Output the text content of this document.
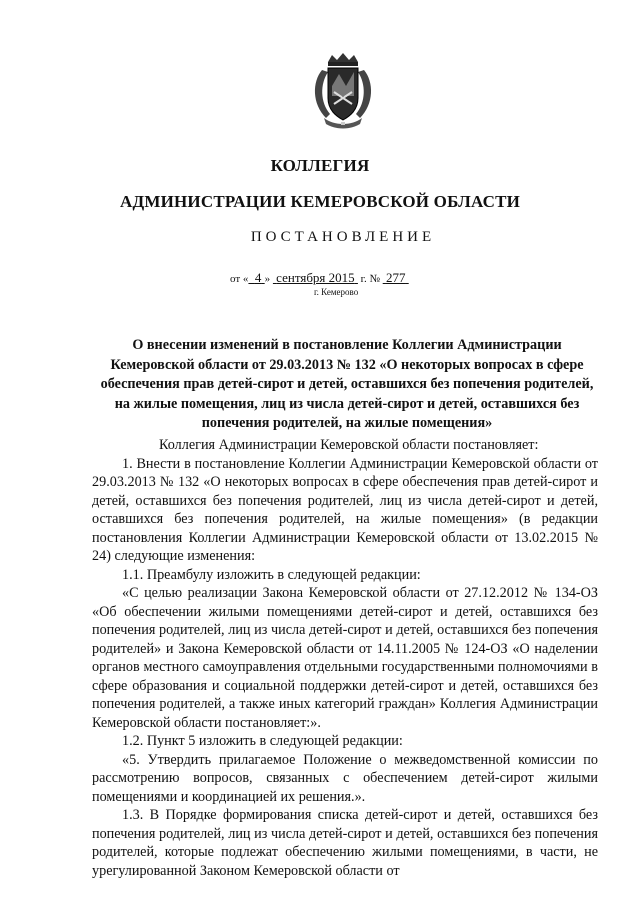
КОЛЛЕГИЯ
АДМИНИСТРАЦИИ КЕМЕРОВСКОЙ ОБЛАСТИ
ПОСТАНОВЛЕНИЕ
от « 4 » сентября 2015 г. № 277
г. Кемерово
О внесении изменений в постановление Коллегии Администрации Кемеровской области от 29.03.2013 № 132 «О некоторых вопросах в сфере обеспечения прав детей-сирот и детей, оставшихся без попечения родителей, на жилые помещения, лиц из числа детей-сирот и детей, оставшихся без попечения родителей, на жилые помещения»

Коллегия Администрации Кемеровской области постановляет:

1. Внести в постановление Коллегии Администрации Кемеровской области от 29.03.2013 № 132 «О некоторых вопросах в сфере обеспечения прав детей-сирот и детей, оставшихся без попечения родителей, лиц из числа детей-сирот и детей, оставшихся без попечения родителей, на жилые помещения» (в редакции постановления Коллегии Администрации Кемеровской области от 13.02.2015 № 24) следующие изменения:

1.1. Преамбулу изложить в следующей редакции:

«С целью реализации Закона Кемеровской области от 27.12.2012 № 134-ОЗ «Об обеспечении жилыми помещениями детей-сирот и детей, оставшихся без попечения родителей, лиц из числа детей-сирот и детей, оставшихся без попечения родителей» и Закона Кемеровской области от 14.11.2005 № 124-ОЗ «О наделении органов местного самоуправления отдельными государственными полномочиями в сфере образования и социальной поддержки детей-сирот и детей, оставшихся без попечения родителей, а также иных категорий граждан» Коллегия Администрации Кемеровской области постановляет:».

1.2. Пункт 5 изложить в следующей редакции:

«5. Утвердить прилагаемое Положение о межведомственной комиссии по рассмотрению вопросов, связанных с обеспечением детей-сирот жилыми помещениями и координацией их решения.».

1.3. В Порядке формирования списка детей-сирот и детей, оставшихся без попечения родителей, лиц из числа детей-сирот и детей, оставшихся без попечения родителей, которые подлежат обеспечению жилыми помещениями, в части, не урегулированной Законом Кемеровской области от
